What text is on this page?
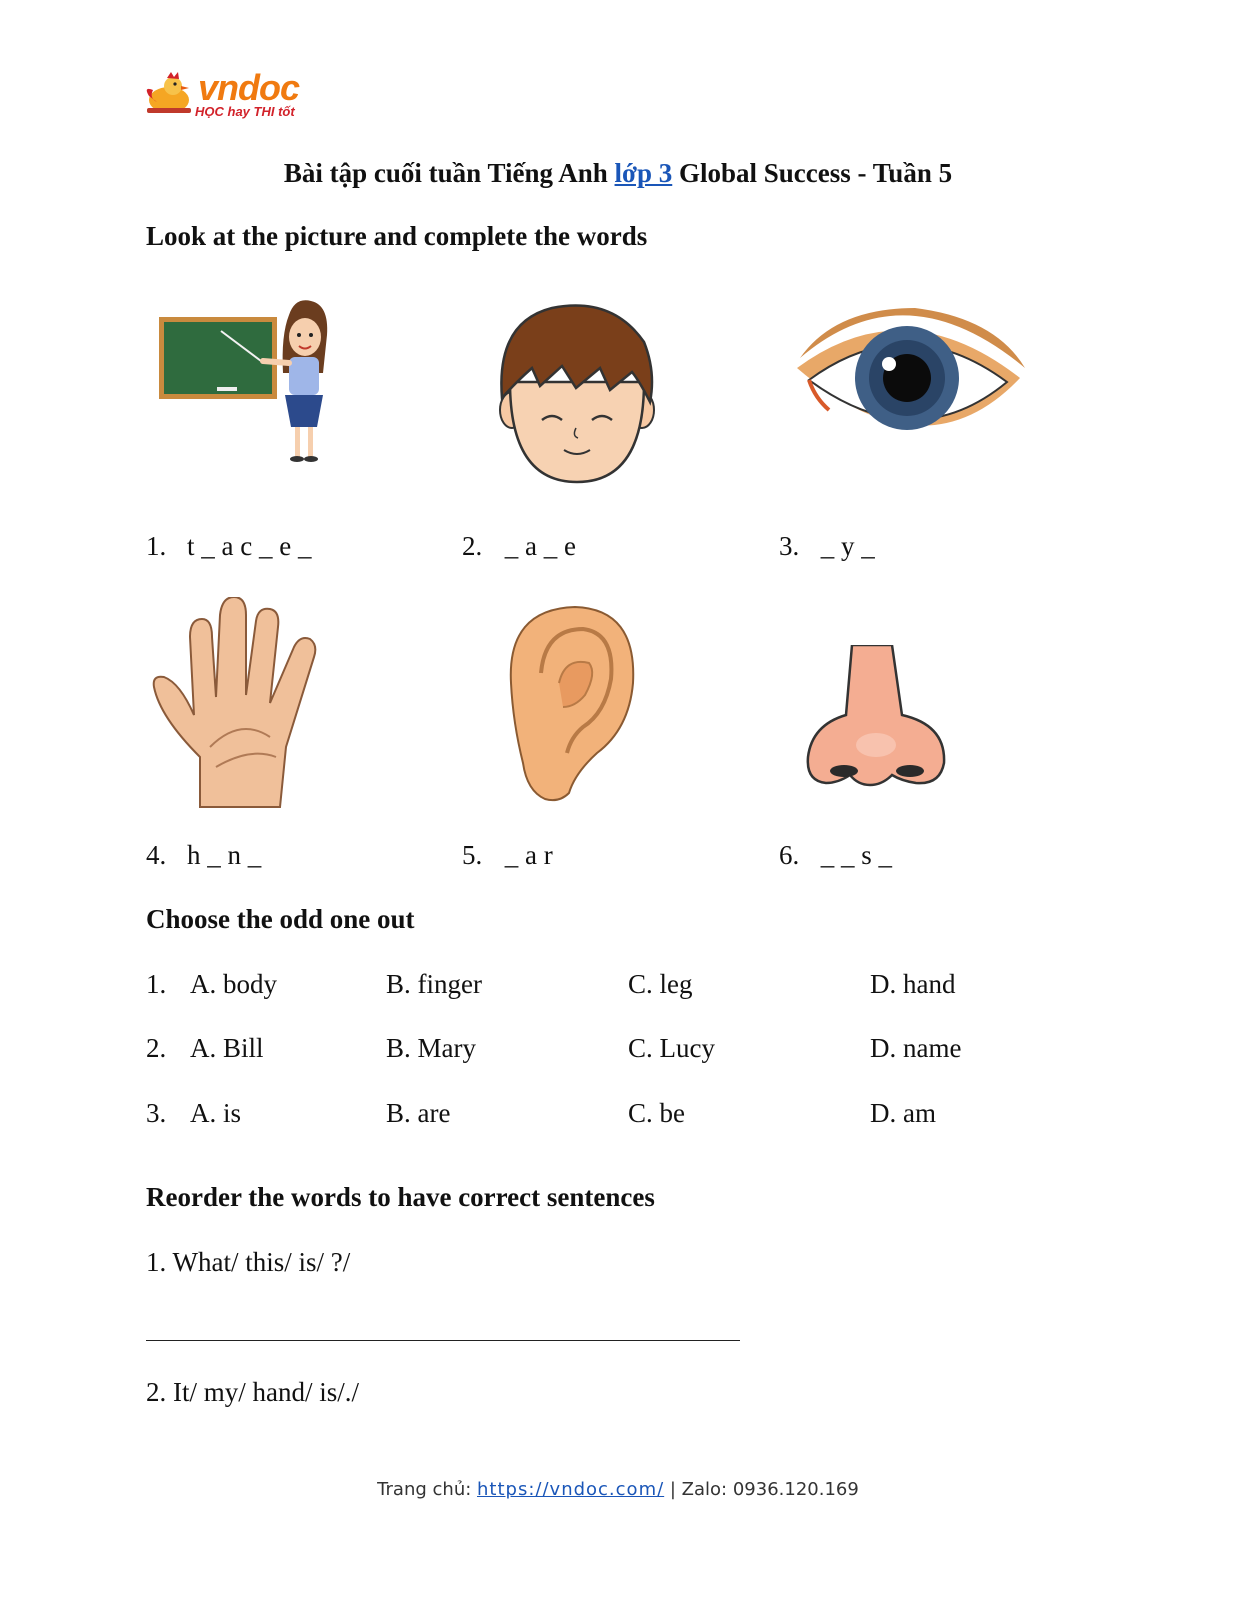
vndoc
HỌC hay THI tốt
Bài tập cuối tuần Tiếng Anh lớp 3 Global Success - Tuần 5
Look at the picture and complete the words
1. t _ a c _ e _	2. _ a _ e	3. _ y _
4. h _ n _	5. _ a r	6. _ _ s _
Choose the odd one out
1. A. body	B. finger	C. leg	D. hand
2. A. Bill	B. Mary	C. Lucy	D. name
3. A. is	B. are	C. be	D. am
Reorder the words to have correct sentences
1. What/ this/ is/ ?/
2. It/ my/ hand/ is/./
Trang chủ: https://vndoc.com/ | Zalo: 0936.120.169
